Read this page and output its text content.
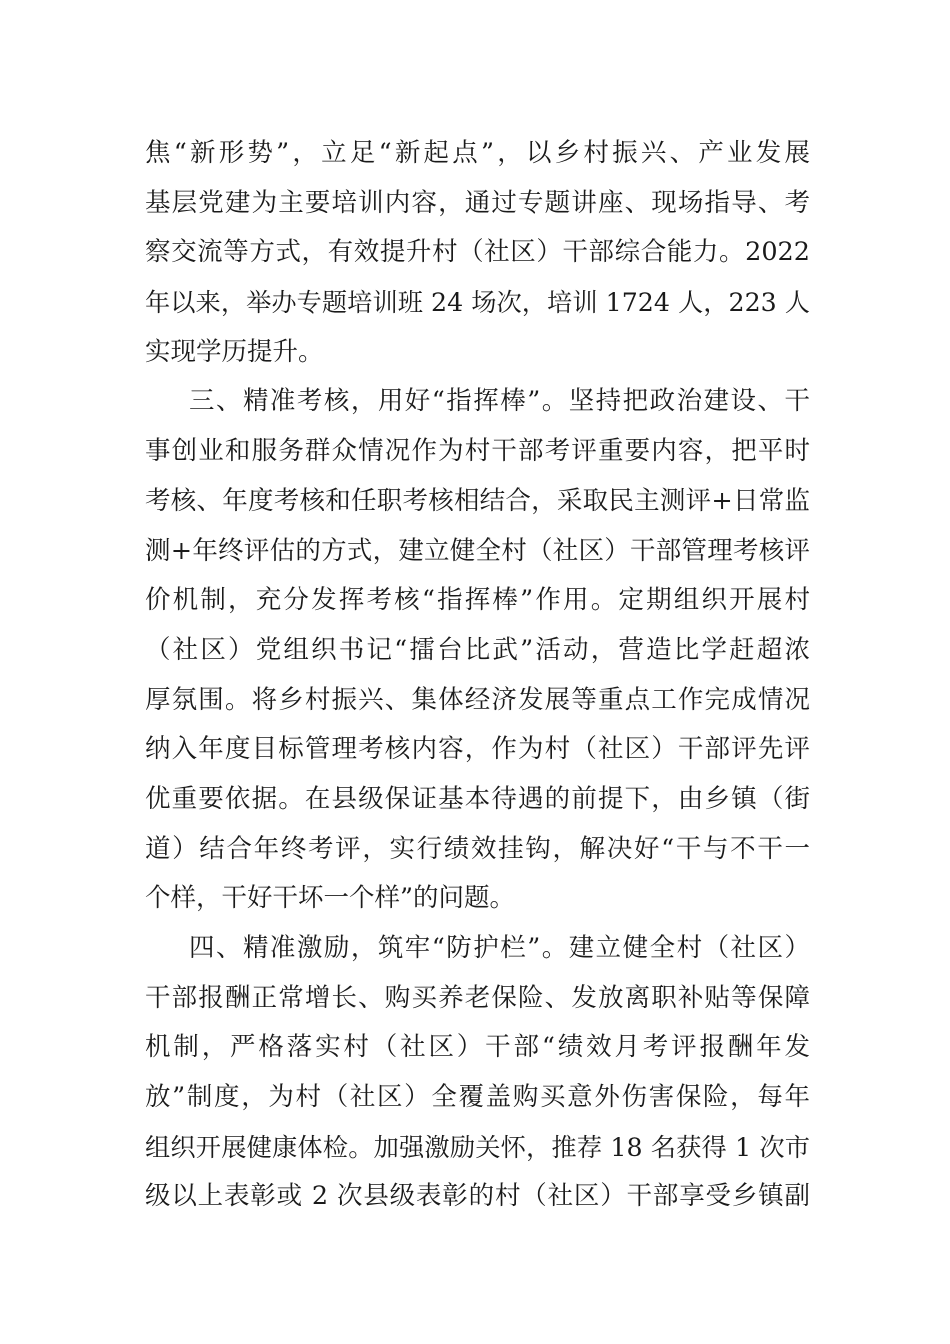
焦“新形势”，立足“新起点”，以乡村振兴、产业发展
基层党建为主要培训内容，通过专题讲座、现场指导、考
察交流等方式，有效提升村（社区）干部综合能力。2022
年以来，举办专题培训班 24 场次，培训 1724 人，223 人
实现学历提升。
三、精准考核，用好“指挥棒”。坚持把政治建设、干
事创业和服务群众情况作为村干部考评重要内容，把平时
考核、年度考核和任职考核相结合，采取民主测评+日常监
测+年终评估的方式，建立健全村（社区）干部管理考核评
价机制，充分发挥考核“指挥棒”作用。定期组织开展村
（社区）党组织书记“擂台比武”活动，营造比学赶超浓
厚氛围。将乡村振兴、集体经济发展等重点工作完成情况
纳入年度目标管理考核内容，作为村（社区）干部评先评
优重要依据。在县级保证基本待遇的前提下，由乡镇（街
道）结合年终考评，实行绩效挂钩，解决好“干与不干一
个样，干好干坏一个样”的问题。
四、精准激励，筑牢“防护栏”。建立健全村（社区）
干部报酬正常增长、购买养老保险、发放离职补贴等保障
机制，严格落实村（社区）干部“绩效月考评报酬年发
放”制度，为村（社区）全覆盖购买意外伤害保险，每年
组织开展健康体检。加强激励关怀，推荐 18 名获得 1 次市
级以上表彰或 2 次县级表彰的村（社区）干部享受乡镇副
